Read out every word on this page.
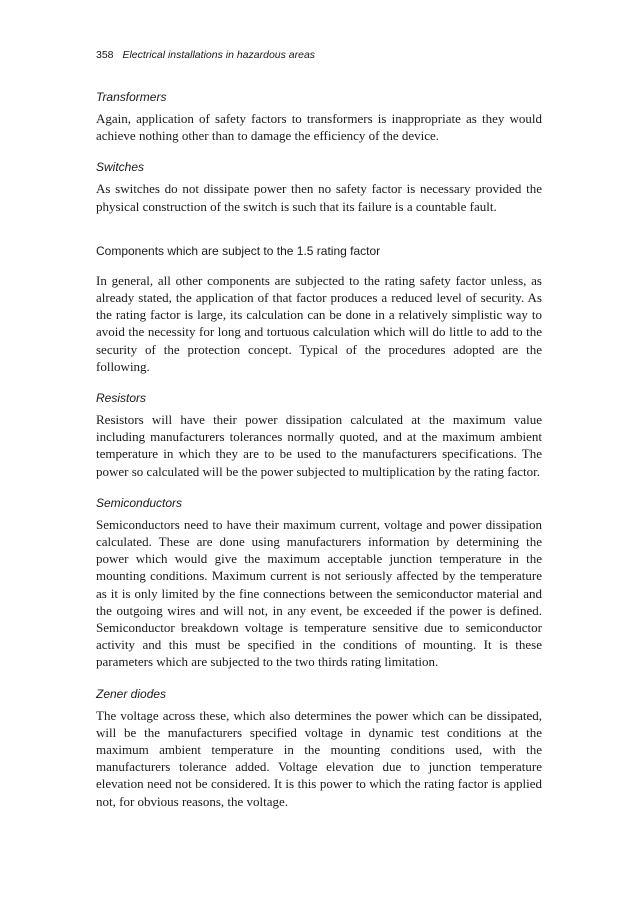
358 Electrical installations in hazardous areas
Transformers

Again, application of safety factors to transformers is inappropriate as they would achieve nothing other than to damage the efficiency of the device.

Switches

As switches do not dissipate power then no safety factor is necessary provided the physical construction of the switch is such that its failure is a countable fault.

Components which are subject to the 1.5 rating factor

In general, all other components are subjected to the rating safety factor unless, as already stated, the application of that factor produces a reduced level of security. As the rating factor is large, its calculation can be done in a relatively simplistic way to avoid the necessity for long and tortuous calculation which will do little to add to the security of the protection concept. Typical of the procedures adopted are the following.

Resistors

Resistors will have their power dissipation calculated at the maximum value including manufacturers tolerances normally quoted, and at the maximum ambient temperature in which they are to be used to the manufacturers specifications. The power so calculated will be the power subjected to multiplication by the rating factor.

Semiconductors

Semiconductors need to have their maximum current, voltage and power dissipation calculated. These are done using manufacturers information by determining the power which would give the maximum acceptable junction temperature in the mounting conditions. Maximum current is not seriously affected by the temperature as it is only limited by the fine connections between the semiconductor material and the outgoing wires and will not, in any event, be exceeded if the power is defined. Semiconductor breakdown voltage is temperature sensitive due to semiconductor activity and this must be specified in the conditions of mounting. It is these parameters which are subjected to the two thirds rating limitation.

Zener diodes

The voltage across these, which also determines the power which can be dissipated, will be the manufacturers specified voltage in dynamic test conditions at the maximum ambient temperature in the mounting conditions used, with the manufacturers tolerance added. Voltage elevation due to junction temperature elevation need not be considered. It is this power to which the rating factor is applied not, for obvious reasons, the voltage.
